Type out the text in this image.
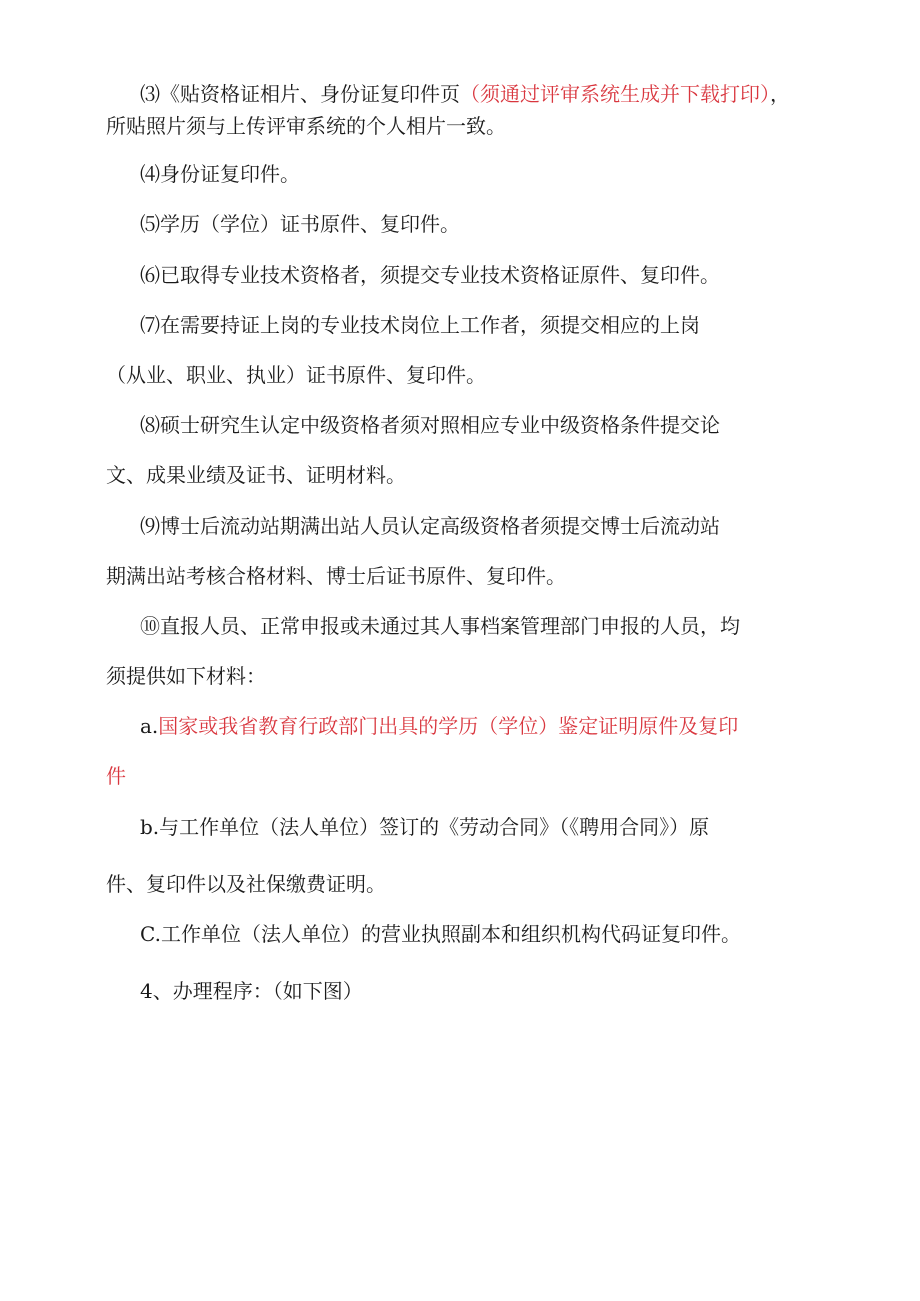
⑶《贴资格证相片、身份证复印件页（须通过评审系统生成并下载打印），
所贴照片须与上传评审系统的个人相片一致。
⑷身份证复印件。
⑸学历（学位）证书原件、复印件。
⑹已取得专业技术资格者，须提交专业技术资格证原件、复印件。
⑺在需要持证上岗的专业技术岗位上工作者，须提交相应的上岗
（从业、职业、执业）证书原件、复印件。
⑻硕士研究生认定中级资格者须对照相应专业中级资格条件提交论
文、成果业绩及证书、证明材料。
⑼博士后流动站期满出站人员认定高级资格者须提交博士后流动站
期满出站考核合格材料、博士后证书原件、复印件。
⑩直报人员、正常申报或未通过其人事档案管理部门申报的人员，均
须提供如下材料：
a.国家或我省教育行政部门出具的学历（学位）鉴定证明原件及复印
件
b.与工作单位（法人单位）签订的《劳动合同》（《聘用合同》）原
件、复印件以及社保缴费证明。
C.工作单位（法人单位）的营业执照副本和组织机构代码证复印件。
4、办理程序：（如下图）
